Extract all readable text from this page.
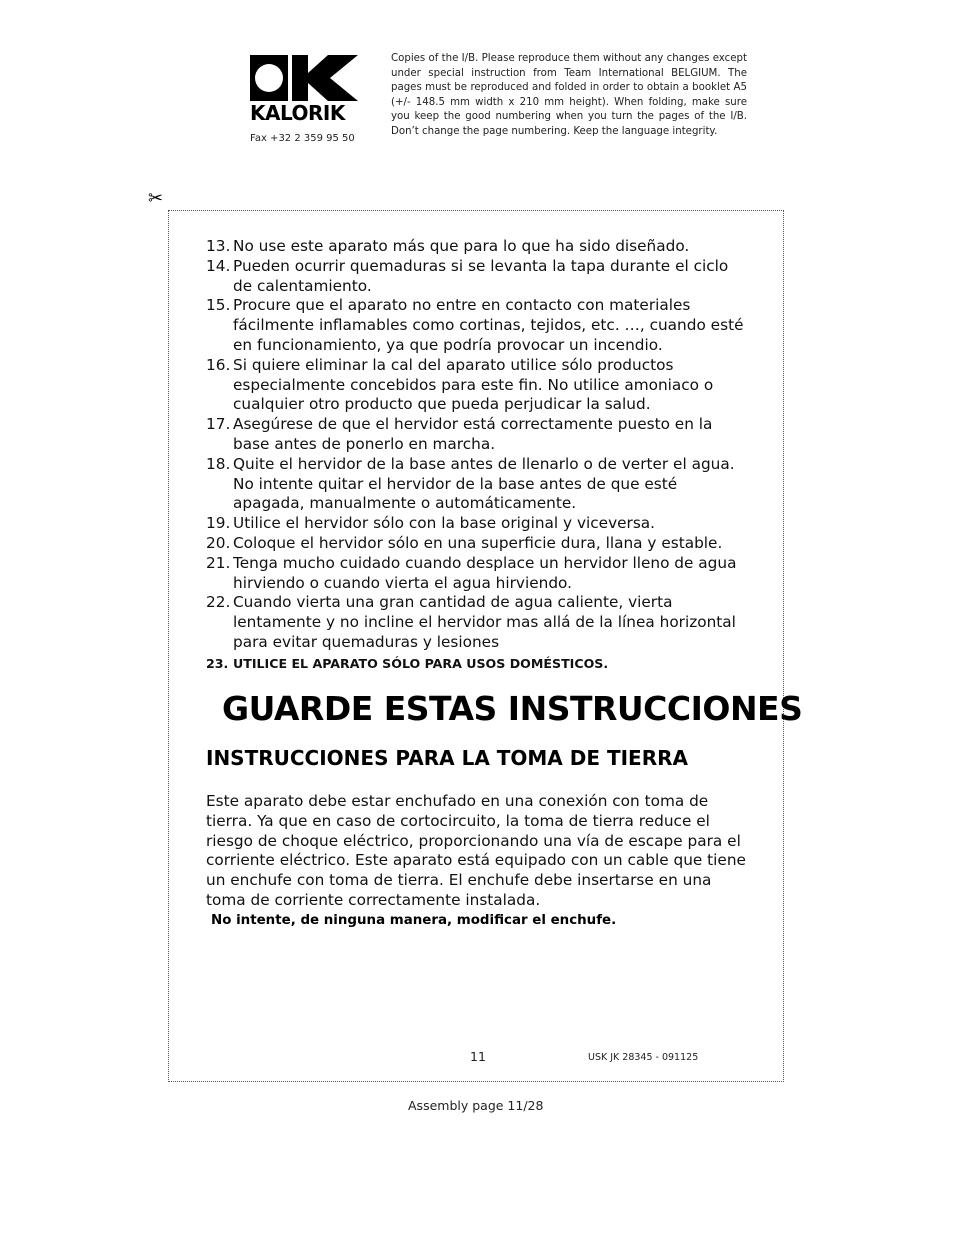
KALORIK
Fax +32 2 359 95 50
Copies of the I/B. Please reproduce them without any changes except under special instruction from Team International BELGIUM. The pages must be reproduced and folded in order to obtain a booklet A5 (+/- 148.5 mm width x 210 mm height). When folding, make sure you keep the good numbering when you turn the pages of the I/B. Don’t change the page numbering. Keep the language integrity.
✂
13. No use este aparato más que para lo que ha sido diseñado.
14. Pueden ocurrir quemaduras si se levanta la tapa durante el ciclo de calentamiento.
15. Procure que el aparato no entre en contacto con materiales fácilmente inflamables como cortinas, tejidos, etc. …, cuando esté en funcionamiento, ya que podría provocar un incendio.
16. Si quiere eliminar la cal del aparato utilice sólo productos especialmente concebidos para este fin. No utilice amoniaco o cualquier otro producto que pueda perjudicar la salud.
17. Asegúrese de que el hervidor está correctamente puesto en la base antes de ponerlo en marcha.
18. Quite el hervidor de la base antes de llenarlo o de verter el agua. No intente quitar el hervidor de la base antes de que esté apagada, manualmente o automáticamente.
19. Utilice el hervidor sólo con la base original y viceversa.
20. Coloque el hervidor sólo en una superficie dura, llana y estable.
21. Tenga mucho cuidado cuando desplace un hervidor lleno de agua hirviendo o cuando vierta el agua hirviendo.
22. Cuando vierta una gran cantidad de agua caliente, vierta lentamente y no incline el hervidor mas allá de la línea horizontal para evitar quemaduras y lesiones
23. UTILICE EL APARATO SÓLO PARA USOS DOMÉSTICOS.
GUARDE ESTAS INSTRUCCIONES
INSTRUCCIONES PARA LA TOMA DE TIERRA

Este aparato debe estar enchufado en una conexión con toma de tierra. Ya que en caso de cortocircuito, la toma de tierra reduce el riesgo de choque eléctrico, proporcionando una vía de escape para el corriente eléctrico. Este aparato está equipado con un cable que tiene un enchufe con toma de tierra. El enchufe debe insertarse en una toma de corriente correctamente instalada.

No intente, de ninguna manera, modificar el enchufe.
11	USK JK 28345 - 091125
Assembly page 11/28
